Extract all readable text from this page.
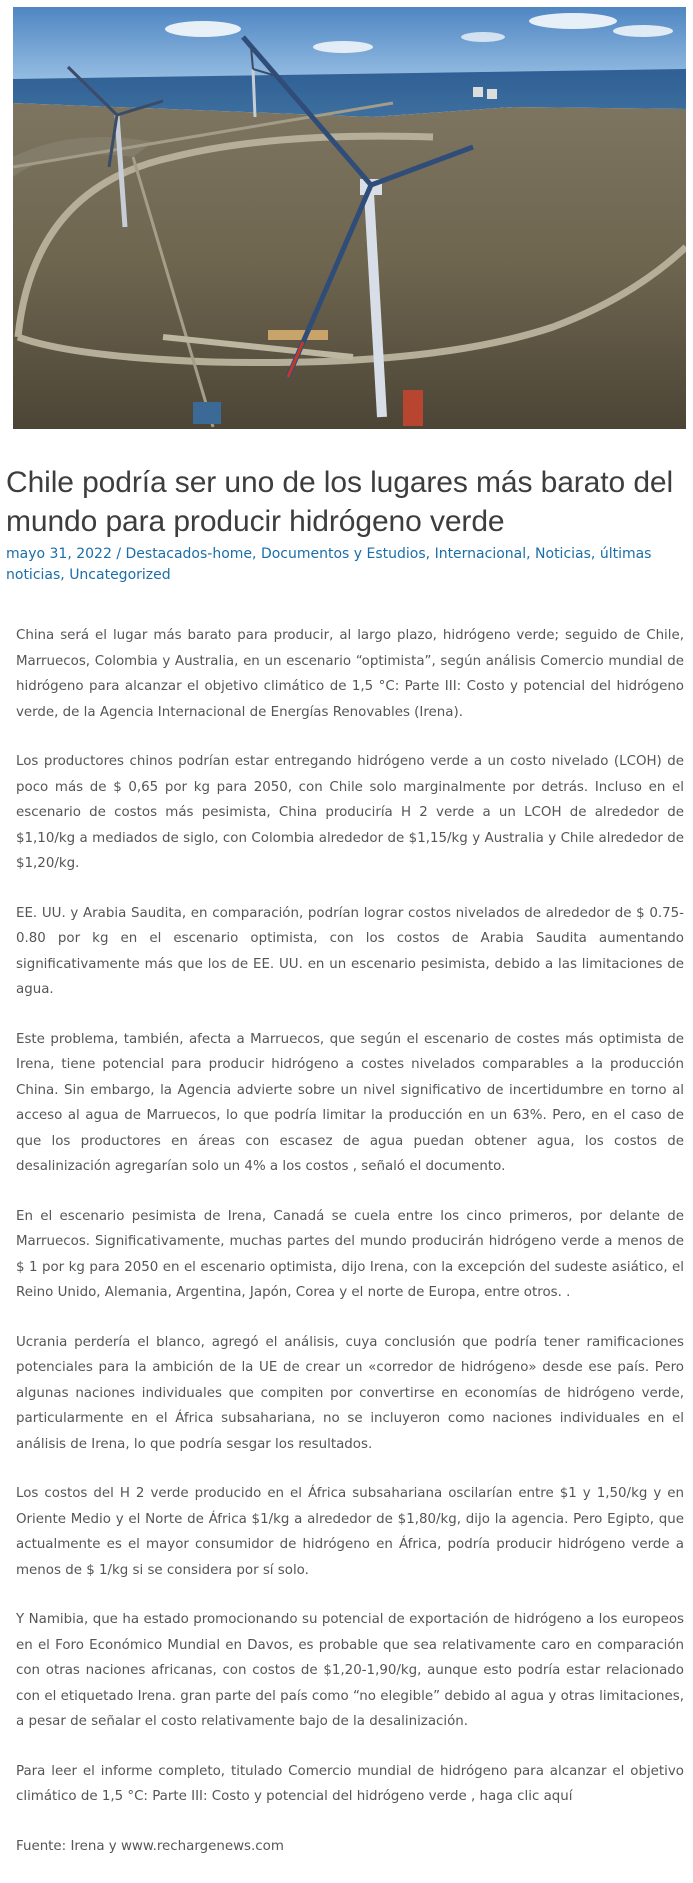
Chile podría ser uno de los lugares más barato del mundo para producir hidrógeno verde
mayo 31, 2022 / Destacados-home, Documentos y Estudios, Internacional, Noticias, últimas noticias, Uncategorized

China será el lugar más barato para producir, al largo plazo, hidrógeno verde; seguido de Chile, Marruecos, Colombia y Australia, en un escenario “optimista”, según análisis Comercio mundial de hidrógeno para alcanzar el objetivo climático de 1,5 °C: Parte III: Costo y potencial del hidrógeno verde, de la Agencia Internacional de Energías Renovables (Irena).

Los productores chinos podrían estar entregando hidrógeno verde a un costo nivelado (LCOH) de poco más de $ 0,65 por kg para 2050, con Chile solo marginalmente por detrás. Incluso en el escenario de costos más pesimista, China produciría H 2 verde a un LCOH de alrededor de $1,10/kg a mediados de siglo, con Colombia alrededor de $1,15/kg y Australia y Chile alrededor de $1,20/kg.

EE. UU. y Arabia Saudita, en comparación, podrían lograr costos nivelados de alrededor de $ 0.75-0.80 por kg en el escenario optimista, con los costos de Arabia Saudita aumentando significativamente más que los de EE. UU. en un escenario pesimista, debido a las limitaciones de agua.

Este problema, también, afecta a Marruecos, que según el escenario de costes más optimista de Irena, tiene potencial para producir hidrógeno a costes nivelados comparables a la producción China. Sin embargo, la Agencia advierte sobre un nivel significativo de incertidumbre en torno al acceso al agua de Marruecos, lo que podría limitar la producción en un 63%. Pero, en el caso de que los productores en áreas con escasez de agua puedan obtener agua, los costos de desalinización agregarían solo un 4% a los costos , señaló el documento.

En el escenario pesimista de Irena, Canadá se cuela entre los cinco primeros, por delante de Marruecos. Significativamente, muchas partes del mundo producirán hidrógeno verde a menos de $ 1 por kg para 2050 en el escenario optimista, dijo Irena, con la excepción del sudeste asiático, el Reino Unido, Alemania, Argentina, Japón, Corea y el norte de Europa, entre otros. .

Ucrania perdería el blanco, agregó el análisis, cuya conclusión que podría tener ramificaciones potenciales para la ambición de la UE de crear un «corredor de hidrógeno» desde ese país. Pero algunas naciones individuales que compiten por convertirse en economías de hidrógeno verde, particularmente en el África subsahariana, no se incluyeron como naciones individuales en el análisis de Irena, lo que podría sesgar los resultados.

Los costos del H 2 verde producido en el África subsahariana oscilarían entre $1 y 1,50/kg y en Oriente Medio y el Norte de África $1/kg a alrededor de $1,80/kg, dijo la agencia. Pero Egipto, que actualmente es el mayor consumidor de hidrógeno en África, podría producir hidrógeno verde a menos de $ 1/kg si se considera por sí solo.

Y Namibia, que ha estado promocionando su potencial de exportación de hidrógeno a los europeos en el Foro Económico Mundial en Davos, es probable que sea relativamente caro en comparación con otras naciones africanas, con costos de $1,20-1,90/kg, aunque esto podría estar relacionado con el etiquetado Irena. gran parte del país como “no elegible” debido al agua y otras limitaciones, a pesar de señalar el costo relativamente bajo de la desalinización.

Para leer el informe completo, titulado Comercio mundial de hidrógeno para alcanzar el objetivo climático de 1,5 °C: Parte III: Costo y potencial del hidrógeno verde , haga clic aquí

Fuente: Irena y www.rechargenews.com
